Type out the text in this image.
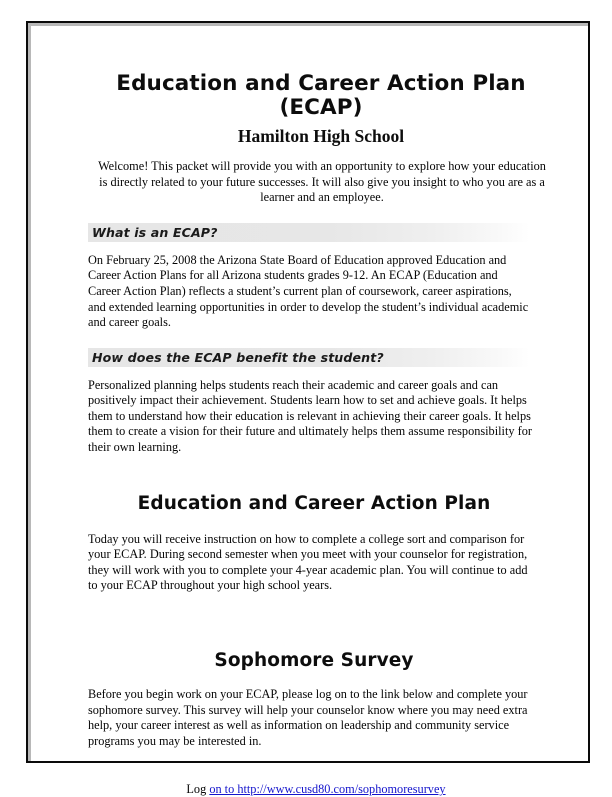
Education and Career Action Plan (ECAP)
Hamilton High School

Welcome! This packet will provide you with an opportunity to explore how your education is directly related to your future successes. It will also give you insight to who you are as a learner and an employee.

What is an ECAP?

On February 25, 2008 the Arizona State Board of Education approved Education and Career Action Plans for all Arizona students grades 9-12. An ECAP (Education and Career Action Plan) reflects a student’s current plan of coursework, career aspirations, and extended learning opportunities in order to develop the student’s individual academic and career goals.

How does the ECAP benefit the student?

Personalized planning helps students reach their academic and career goals and can positively impact their achievement. Students learn how to set and achieve goals. It helps them to understand how their education is relevant in achieving their career goals. It helps them to create a vision for their future and ultimately helps them assume responsibility for their own learning.

Education and Career Action Plan

Today you will receive instruction on how to complete a college sort and comparison for your ECAP. During second semester when you meet with your counselor for registration, they will work with you to complete your 4-year academic plan. You will continue to add to your ECAP throughout your high school years.

Sophomore Survey

Before you begin work on your ECAP, please log on to the link below and complete your sophomore survey. This survey will help your counselor know where you may need extra help, your career interest as well as information on leadership and community service programs you may be interested in.

Log on to http://www.cusd80.com/sophomoresurvey
